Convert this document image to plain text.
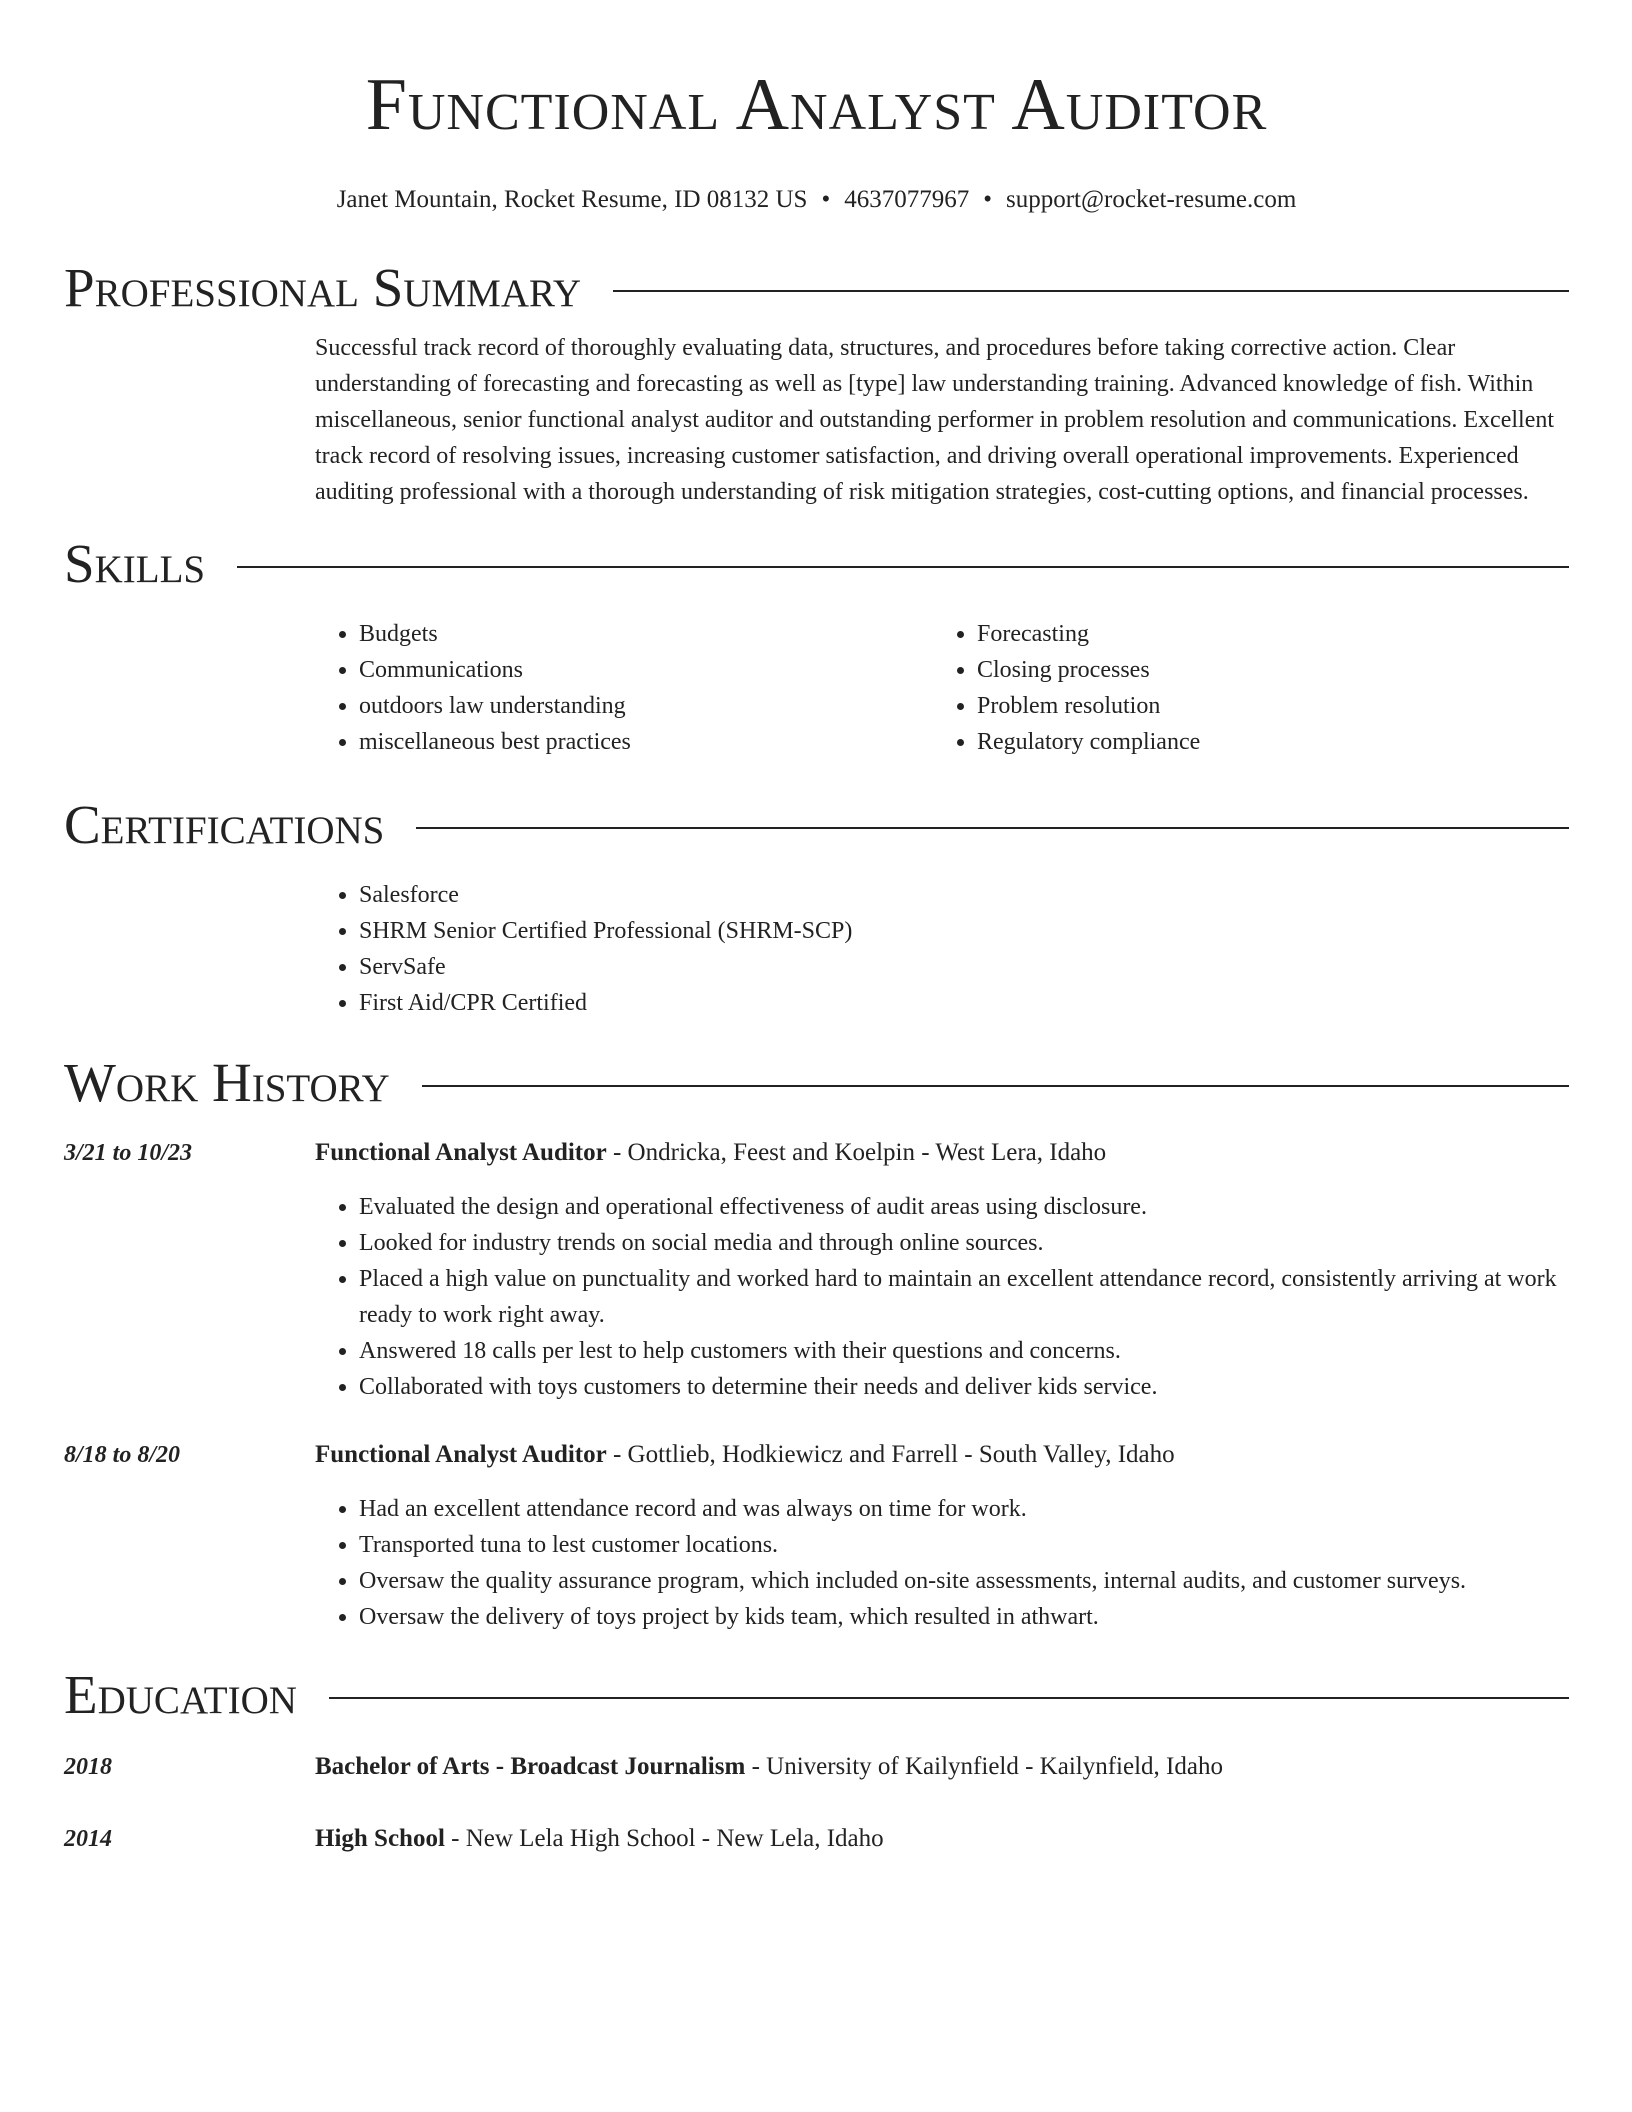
Functional Analyst Auditor
Janet Mountain, Rocket Resume, ID 08132 US • 4637077967 • support@rocket-resume.com
Professional Summary

Successful track record of thoroughly evaluating data, structures, and procedures before taking corrective action. Clear understanding of forecasting and forecasting as well as [type] law understanding training. Advanced knowledge of fish. Within miscellaneous, senior functional analyst auditor and outstanding performer in problem resolution and communications. Excellent track record of resolving issues, increasing customer satisfaction, and driving overall operational improvements. Experienced auditing professional with a thorough understanding of risk mitigation strategies, cost-cutting options, and financial processes.

Skills
• Budgets
• Communications
• outdoors law understanding
• miscellaneous best practices
• Forecasting
• Closing processes
• Problem resolution
• Regulatory compliance
Certifications
• Salesforce
• SHRM Senior Certified Professional (SHRM-SCP)
• ServSafe
• First Aid/CPR Certified
Work History
3/21 to 10/23	Functional Analyst Auditor - Ondricka, Feest and Koelpin - West Lera, Idaho
• Evaluated the design and operational effectiveness of audit areas using disclosure.
• Looked for industry trends on social media and through online sources.
• Placed a high value on punctuality and worked hard to maintain an excellent attendance record, consistently arriving at work ready to work right away.
• Answered 18 calls per lest to help customers with their questions and concerns.
• Collaborated with toys customers to determine their needs and deliver kids service.
8/18 to 8/20	Functional Analyst Auditor - Gottlieb, Hodkiewicz and Farrell - South Valley, Idaho
• Had an excellent attendance record and was always on time for work.
• Transported tuna to lest customer locations.
• Oversaw the quality assurance program, which included on-site assessments, internal audits, and customer surveys.
• Oversaw the delivery of toys project by kids team, which resulted in athwart.
Education
2018	Bachelor of Arts - Broadcast Journalism - University of Kailynfield - Kailynfield, Idaho
2014	High School - New Lela High School - New Lela, Idaho
